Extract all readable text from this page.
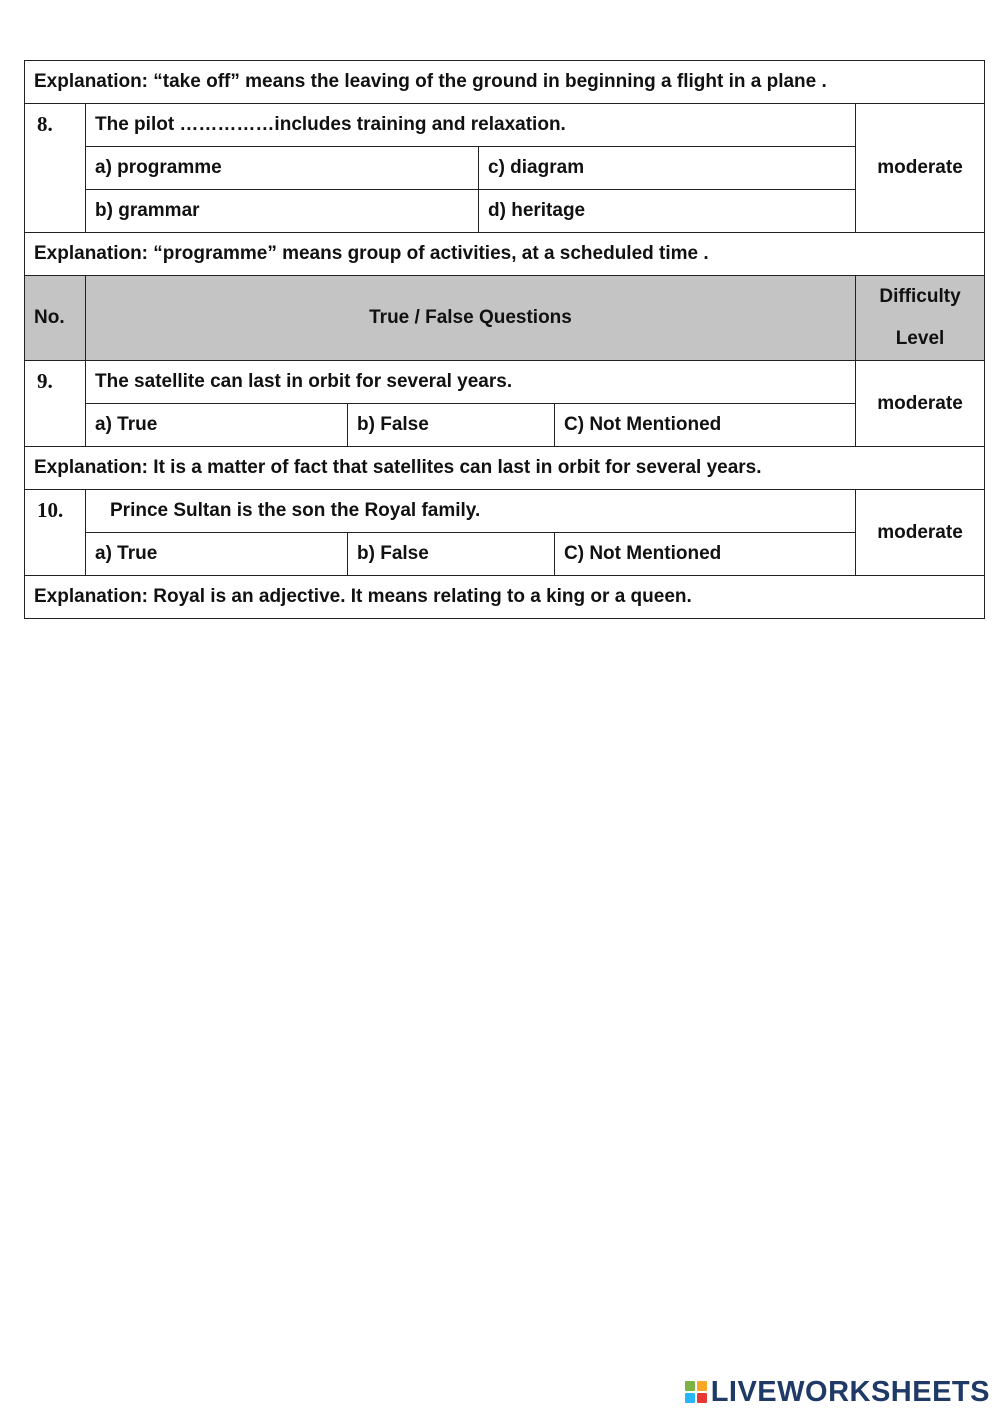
Explanation: “take off” means the leaving of the ground in beginning a flight in a plane .					
8.	The pilot ……………includes training and relaxation.				moderate
	a) programme		c) diagram		
	b) grammar		d) heritage		
Explanation: “programme” means group of activities, at a scheduled time .					
No.	True / False Questions				Difficulty
Level

9.	The satellite can last in orbit for several years.				moderate
	a) True	b) False		C) Not Mentioned	
Explanation: It is a matter of fact that satellites can last in orbit for several years.					
10.	Prince Sultan is the son the Royal family.				moderate
	a) True	b) False		C) Not Mentioned	
Explanation: Royal is an adjective. It means relating to a king or a queen.					
LIVEWORKSHEETS
